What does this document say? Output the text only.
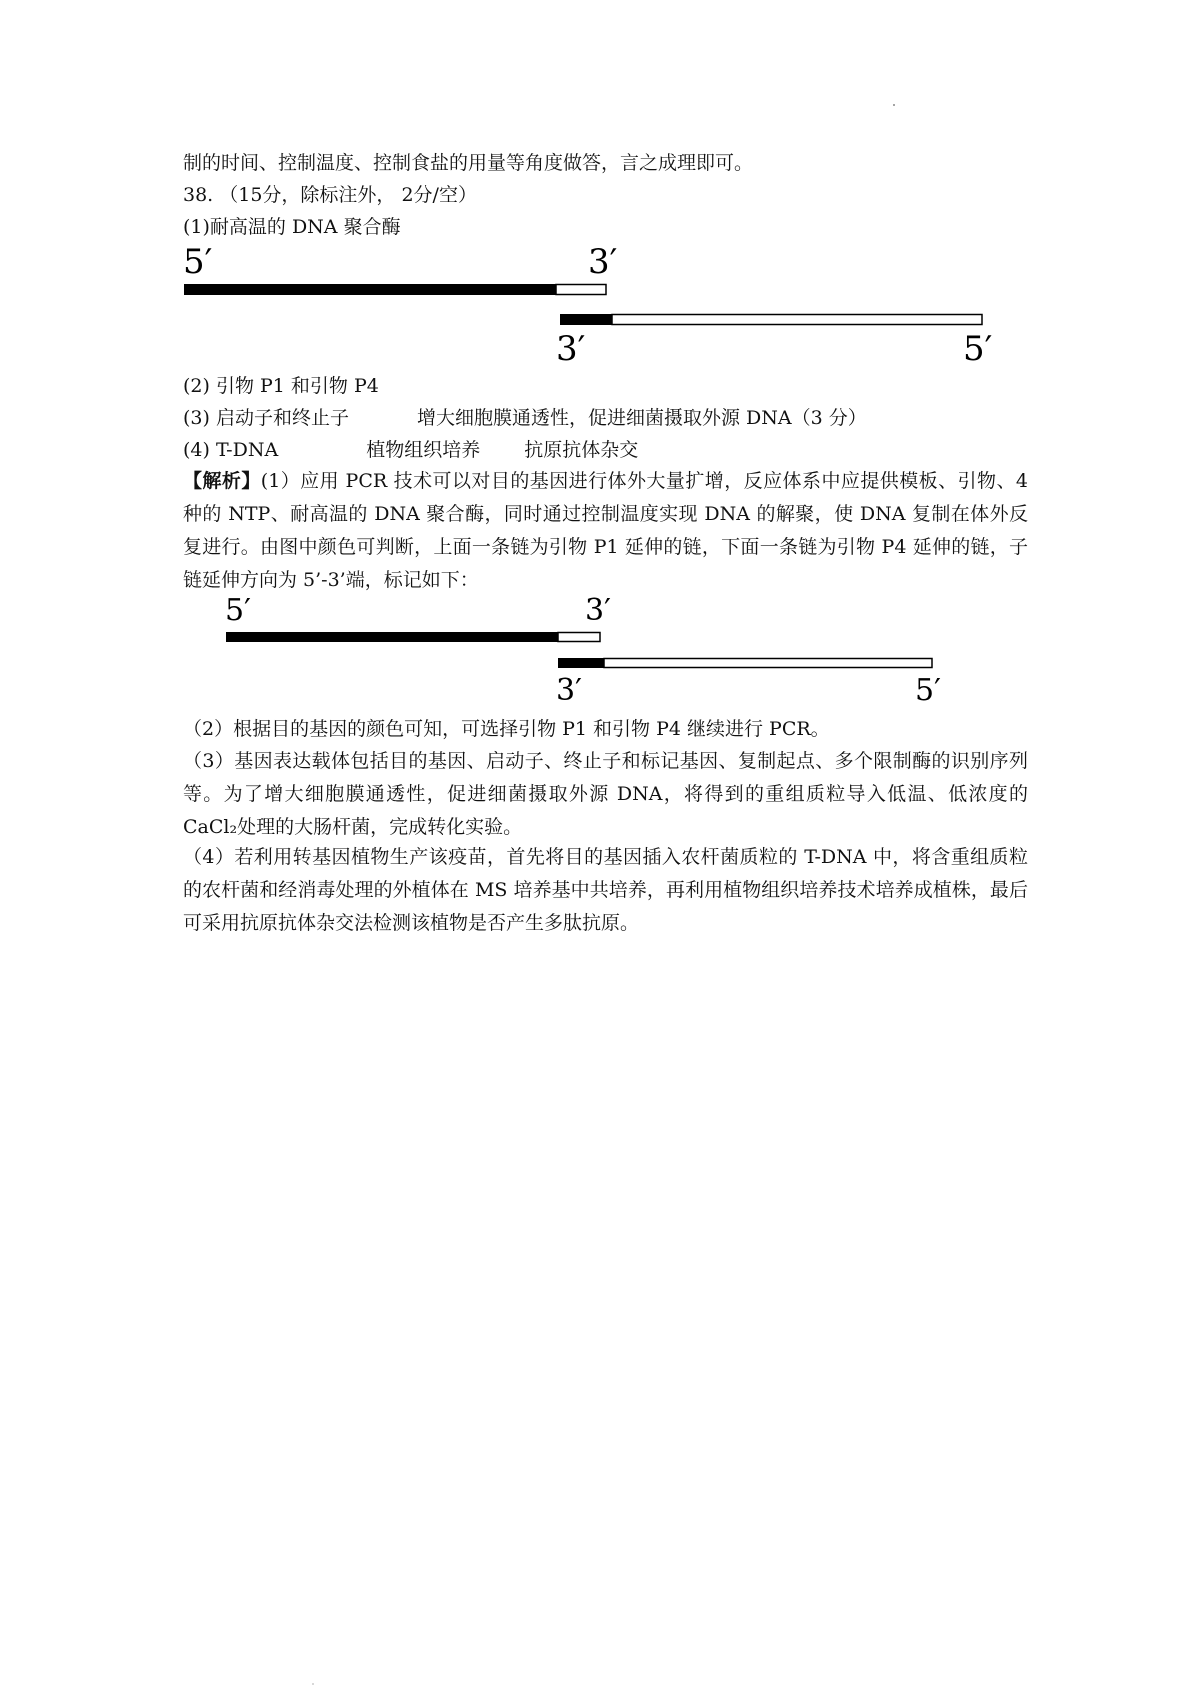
制的时间、控制温度、控制食盐的用量等角度做答，言之成理即可。
38. （15分，除标注外， 2分/空）
(1)耐高温的 DNA 聚合酶
5′	3′
3′	5′
(2) 引物 P1 和引物 P4
(3) 启动子和终止子	增大细胞膜通透性，促进细菌摄取外源 DNA（3 分）
(4) T-DNA	植物组织培养 抗原抗体杂交
【解析】(1）应用 PCR 技术可以对目的基因进行体外大量扩增，反应体系中应提供模板、引物、4 种的 NTP、耐高温的 DNA 聚合酶，同时通过控制温度实现 DNA 的解聚，使 DNA 复制在体外反复进行。由图中颜色可判断，上面一条链为引物 P1 延伸的链，下面一条链为引物 P4 延伸的链，子链延伸方向为 5’-3’端，标记如下：
5′	3′
3′	5′
（2）根据目的基因的颜色可知，可选择引物 P1 和引物 P4 继续进行 PCR。
（3）基因表达载体包括目的基因、启动子、终止子和标记基因、复制起点、多个限制酶的识别序列等。为了增大细胞膜通透性，促进细菌摄取外源 DNA，将得到的重组质粒导入低温、低浓度的 CaCl₂处理的大肠杆菌，完成转化实验。
（4）若利用转基因植物生产该疫苗，首先将目的基因插入农杆菌质粒的 T-DNA 中，将含重组质粒的农杆菌和经消毒处理的外植体在 MS 培养基中共培养，再利用植物组织培养技术培养成植株，最后可采用抗原抗体杂交法检测该植物是否产生多肽抗原。
